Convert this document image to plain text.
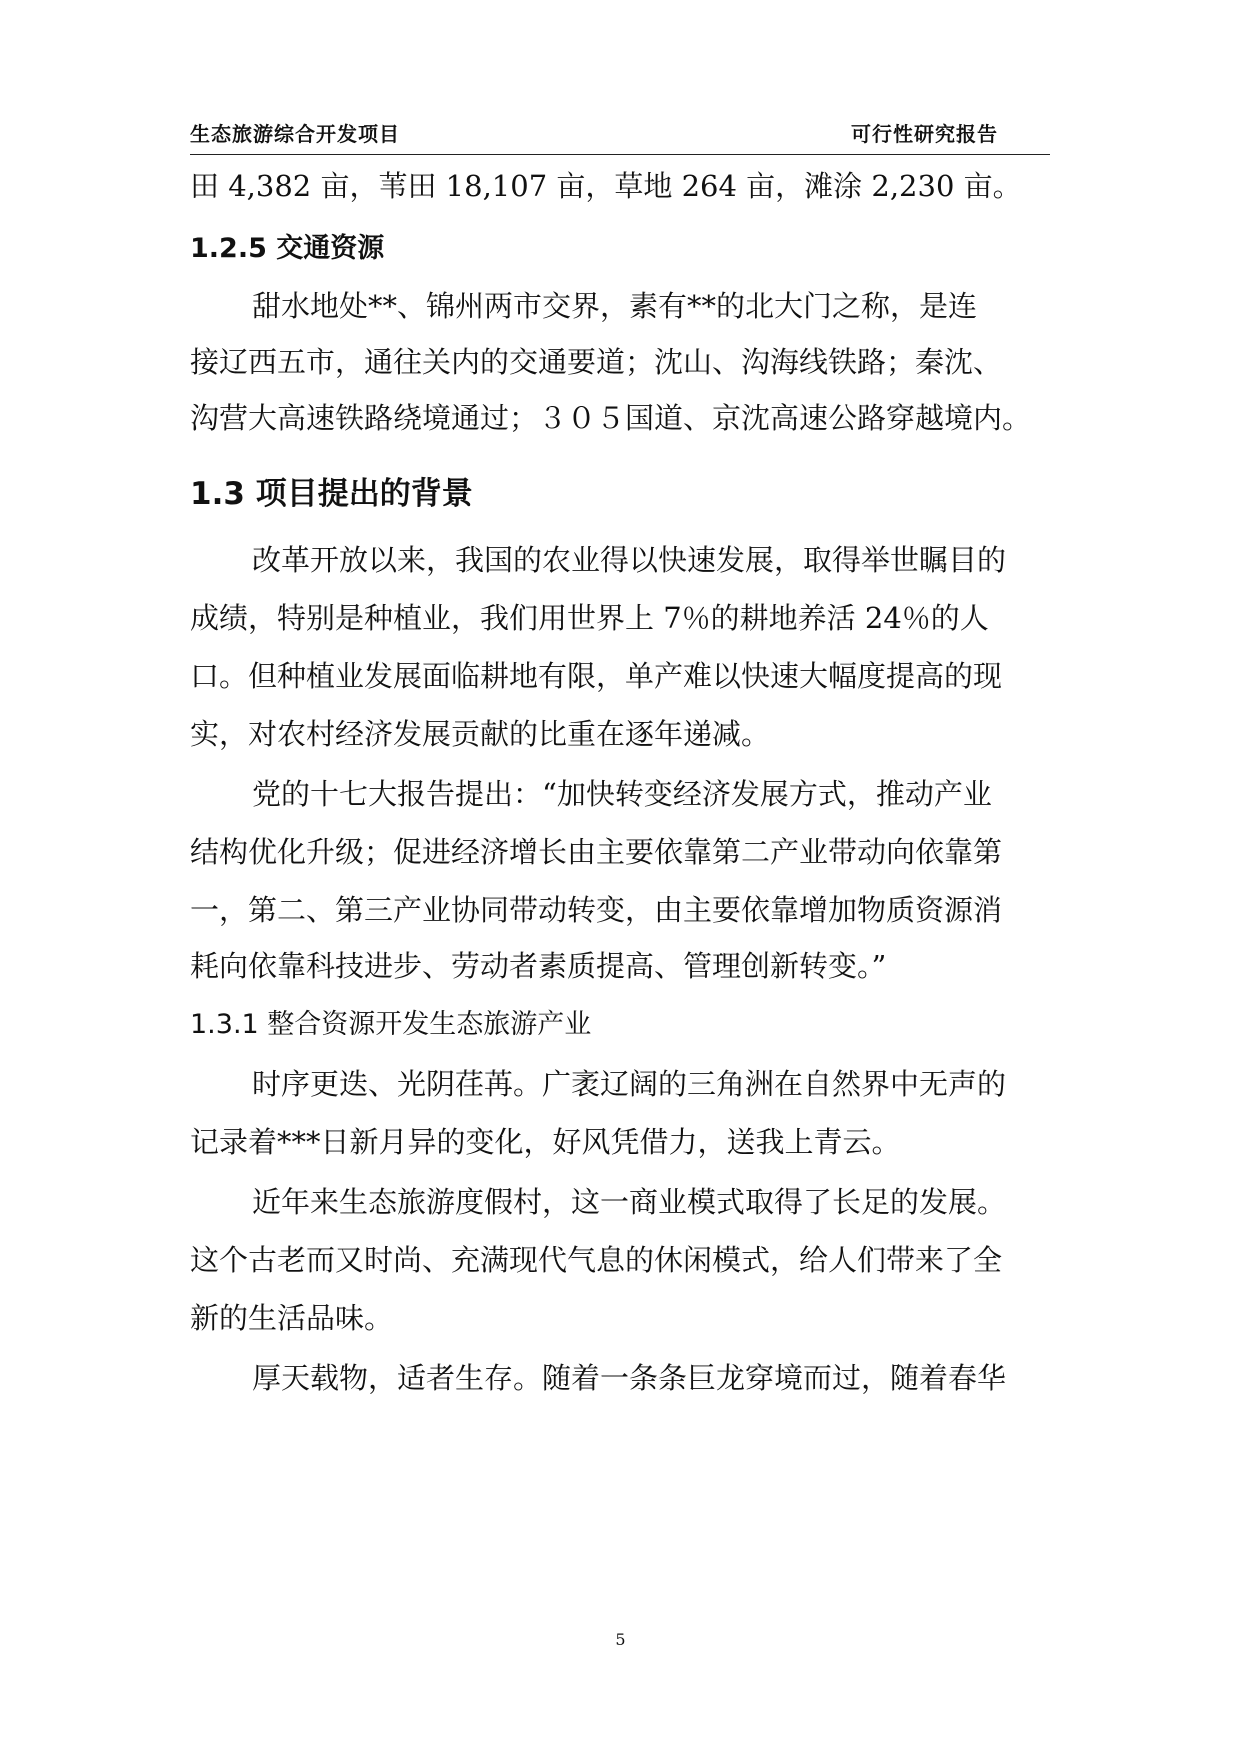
生态旅游综合开发项目	可行性研究报告
田 4,382 亩，苇田 18,107 亩，草地 264 亩，滩涂 2,230 亩。
1.2.5 交通资源
甜水地处**、锦州两市交界，素有**的北大门之称，是连
接辽西五市，通往关内的交通要道；沈山、沟海线铁路；秦沈、
沟营大高速铁路绕境通过；３０５国道、京沈高速公路穿越境内。
1.3 项目提出的背景
改革开放以来，我国的农业得以快速发展，取得举世瞩目的
成绩，特别是种植业，我们用世界上 7％的耕地养活 24％的人
口。但种植业发展面临耕地有限，单产难以快速大幅度提高的现
实，对农村经济发展贡献的比重在逐年递减。
党的十七大报告提出：“加快转变经济发展方式，推动产业
结构优化升级；促进经济增长由主要依靠第二产业带动向依靠第
一，第二、第三产业协同带动转变，由主要依靠增加物质资源消
耗向依靠科技进步、劳动者素质提高、管理创新转变。”
1.3.1 整合资源开发生态旅游产业
时序更迭、光阴荏苒。广袤辽阔的三角洲在自然界中无声的
记录着***日新月异的变化，好风凭借力，送我上青云。
近年来生态旅游度假村，这一商业模式取得了长足的发展。
这个古老而又时尚、充满现代气息的休闲模式，给人们带来了全
新的生活品味。
厚天载物，适者生存。随着一条条巨龙穿境而过，随着春华
5
